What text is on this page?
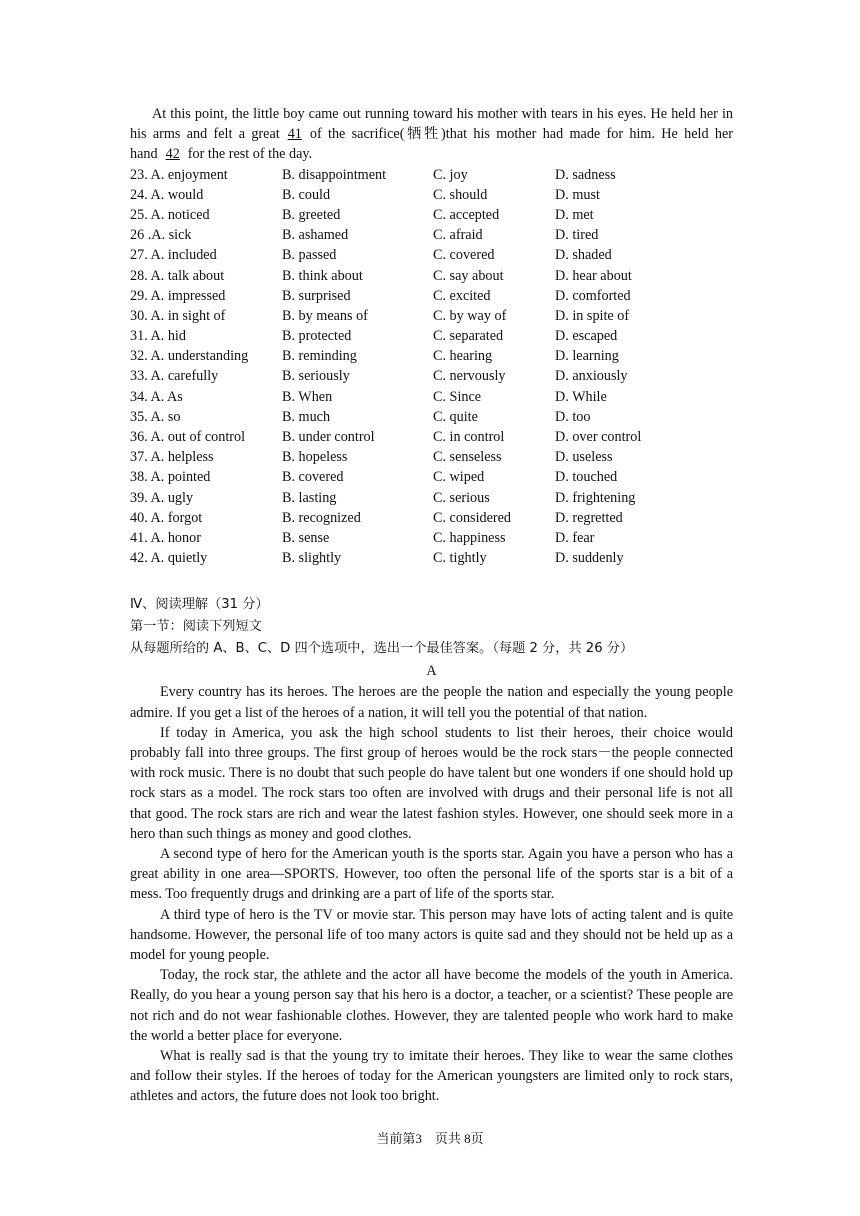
At this point, the little boy came out running toward his mother with tears in his eyes. He held her in his arms and felt a great 41 of the sacrifice(牺牲)that his mother had made for him. He held her hand 42 for the rest of the day.

23. A. enjoyment	B. disappointment	C. joy	D. sadness
24. A. would	B. could	C. should	D. must
25. A. noticed	B. greeted	C. accepted	D. met
26 .A. sick	B. ashamed	C. afraid	D. tired
27. A. included	B. passed	C. covered	D. shaded
28. A. talk about	B. think about	C. say about	D. hear about
29. A. impressed	B. surprised	C. excited	D. comforted
30. A. in sight of	B. by means of	C. by way of	D. in spite of
31. A. hid	B. protected	C. separated	D. escaped
32. A. understanding	B. reminding	C. hearing	D. learning
33. A. carefully	B. seriously	C. nervously	D. anxiously
34. A. As	B. When	C. Since	D. While
35. A. so	B. much	C. quite	D. too
36. A. out of control	B. under control	C. in control	D. over control
37. A. helpless	B. hopeless	C. senseless	D. useless
38. A. pointed	B. covered	C. wiped	D. touched
39. A. ugly	B. lasting	C. serious	D. frightening
40. A. forgot	B. recognized	C. considered	D. regretted
41. A. honor	B. sense	C. happiness	D. fear
42. A. quietly	B. slightly	C. tightly	D. suddenly

Ⅳ、阅读理解（31 分）

第一节：阅读下列短文

从每题所给的 A、B、C、D 四个选项中，选出一个最佳答案。（每题 2 分，共 26 分）

A

Every country has its heroes. The heroes are the people the nation and especially the young people admire. If you get a list of the heroes of a nation, it will tell you the potential of that nation.

If today in America, you ask the high school students to list their heroes, their choice would probably fall into three groups. The first group of heroes would be the rock stars－the people connected with rock music. There is no doubt that such people do have talent but one wonders if one should hold up rock stars as a model. The rock stars too often are involved with drugs and their personal life is not all that good. The rock stars are rich and wear the latest fashion styles. However, one should seek more in a hero than such things as money and good clothes.

A second type of hero for the American youth is the sports star. Again you have a person who has a great ability in one area—SPORTS. However, too often the personal life of the sports star is a bit of a mess. Too frequently drugs and drinking are a part of life of the sports star.

A third type of hero is the TV or movie star. This person may have lots of acting talent and is quite handsome. However, the personal life of too many actors is quite sad and they should not be held up as a model for young people.

Today, the rock star, the athlete and the actor all have become the models of the youth in America. Really, do you hear a young person say that his hero is a doctor, a teacher, or a scientist? These people are not rich and do not wear fashionable clothes. However, they are talented people who work hard to make the world a better place for everyone.

What is really sad is that the young try to imitate their heroes. They like to wear the same clothes and follow their styles. If the heroes of today for the American youngsters are limited only to rock stars, athletes and actors, the future does not look too bright.

当前第3　页共 8页
